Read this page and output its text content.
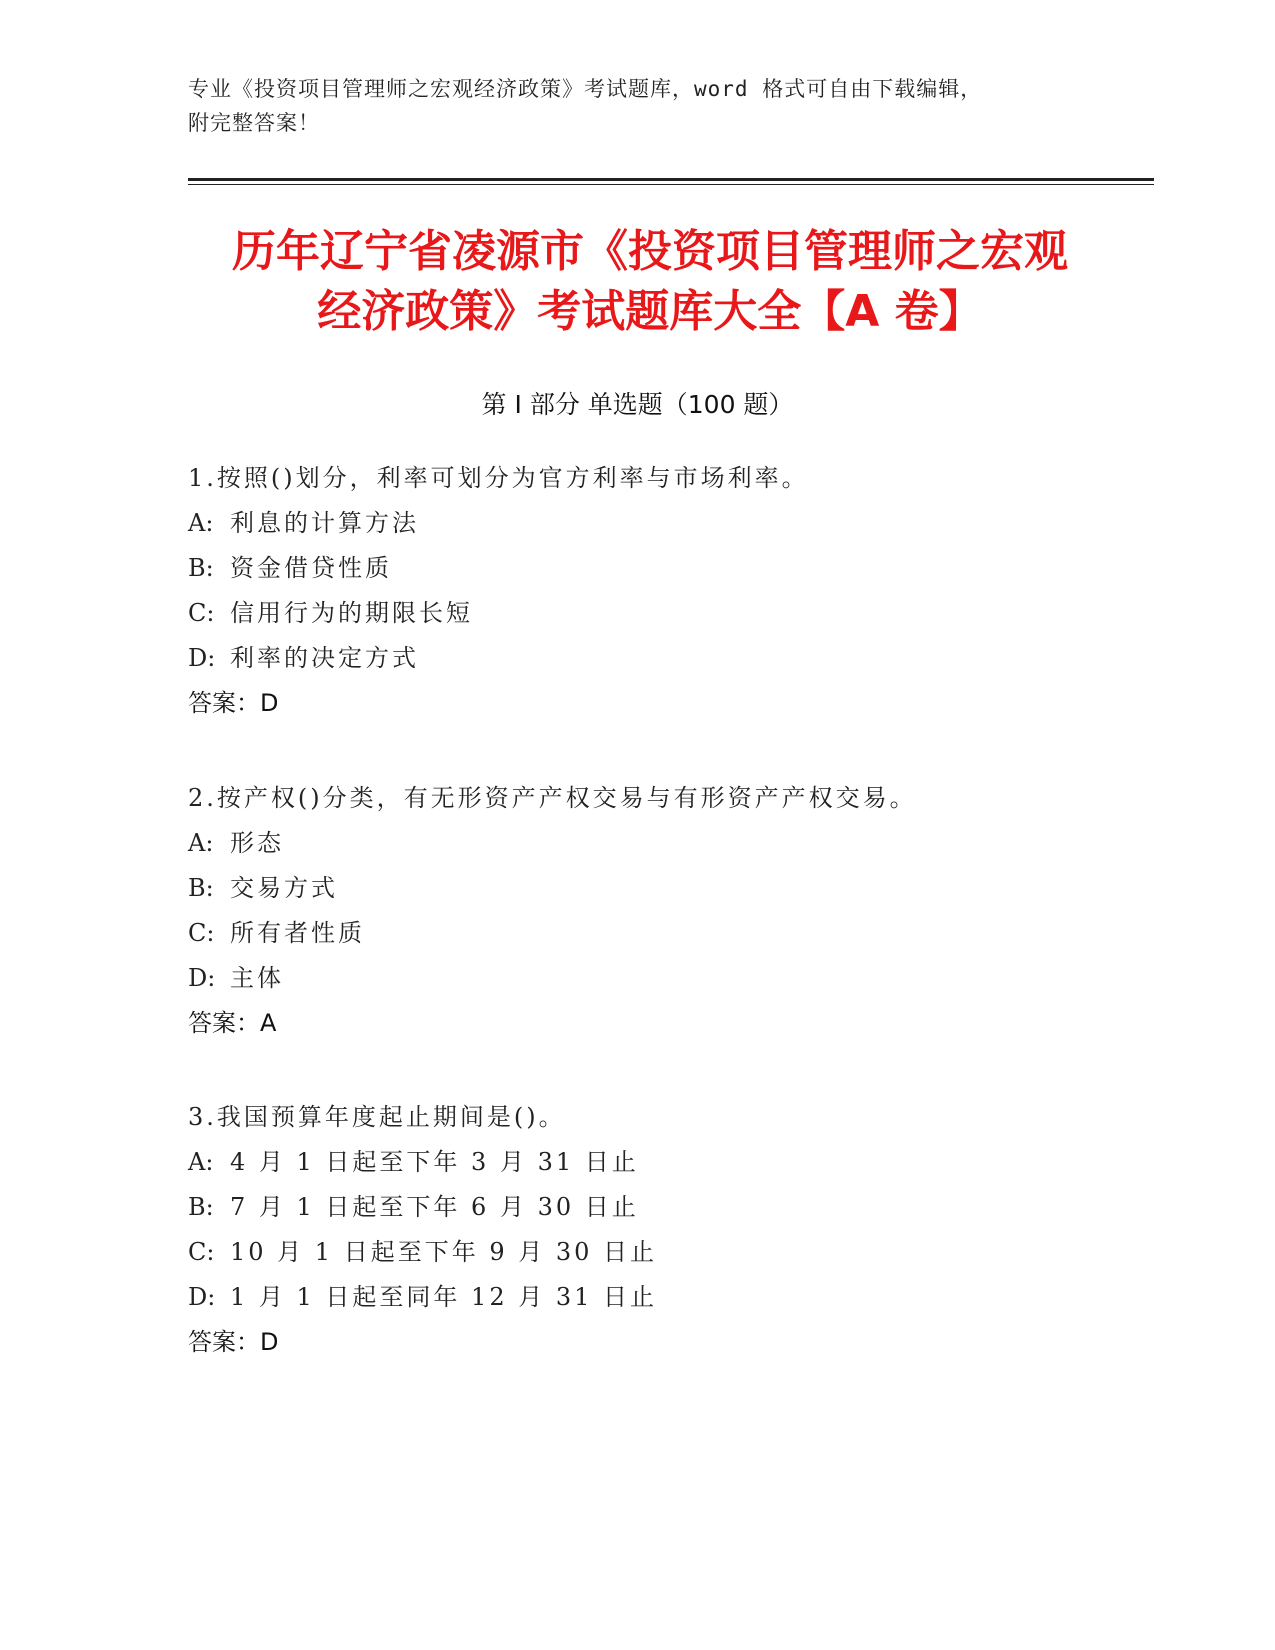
专业《投资项目管理师之宏观经济政策》考试题库，word 格式可自由下载编辑，
附完整答案！
历年辽宁省凌源市《投资项目管理师之宏观
经济政策》考试题库大全【A 卷】
第 I 部分 单选题（100 题）
1.按照()划分，利率可划分为官方利率与市场利率。
A: 利息的计算方法
B: 资金借贷性质
C: 信用行为的期限长短
D: 利率的决定方式
答案：D
2.按产权()分类，有无形资产产权交易与有形资产产权交易。
A: 形态
B: 交易方式
C: 所有者性质
D: 主体
答案：A
3.我国预算年度起止期间是()。
A: 4 月 1 日起至下年 3 月 31 日止
B: 7 月 1 日起至下年 6 月 30 日止
C: 10 月 1 日起至下年 9 月 30 日止
D: 1 月 1 日起至同年 12 月 31 日止
答案：D
